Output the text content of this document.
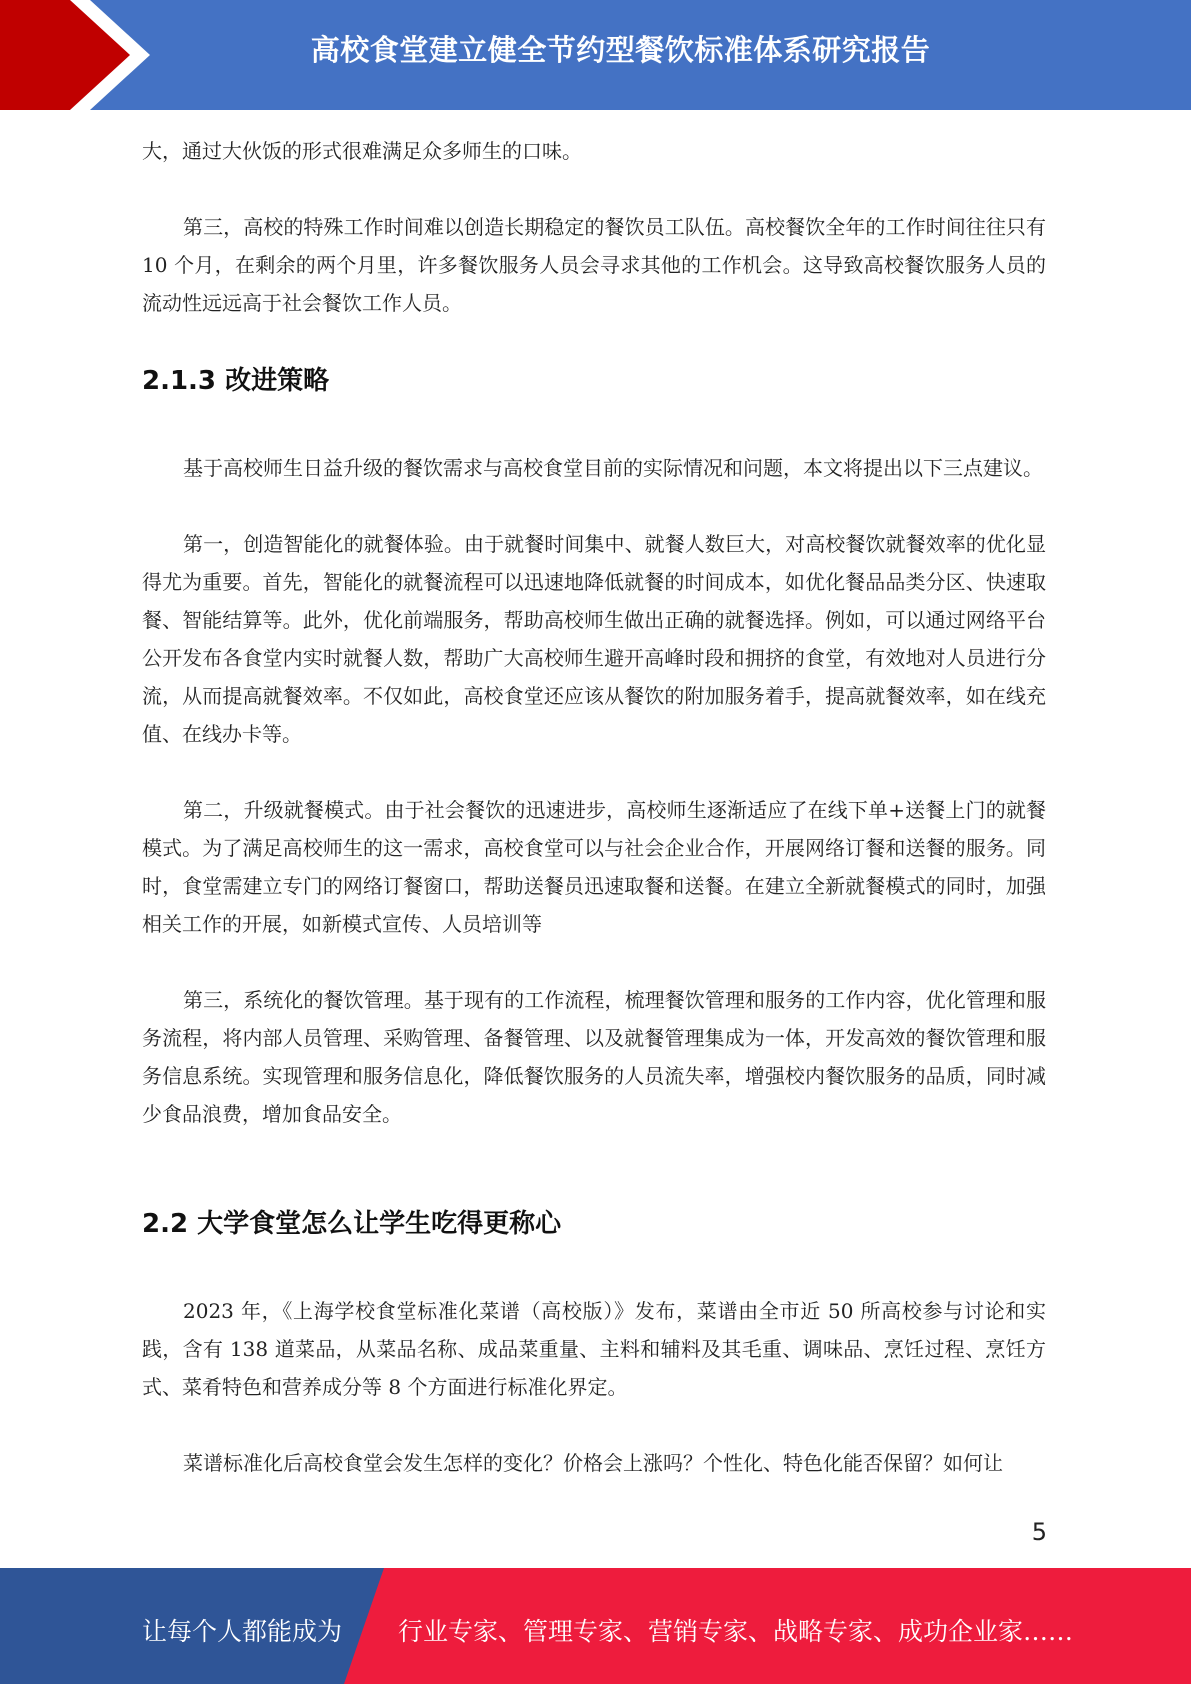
高校食堂建立健全节约型餐饮标准体系研究报告

大，通过大伙饭的形式很难满足众多师生的口味。

第三，高校的特殊工作时间难以创造长期稳定的餐饮员工队伍。高校餐饮全年的工作时间往往只有 10 个月，在剩余的两个月里，许多餐饮服务人员会寻求其他的工作机会。这导致高校餐饮服务人员的流动性远远高于社会餐饮工作人员。

2.1.3 改进策略

基于高校师生日益升级的餐饮需求与高校食堂目前的实际情况和问题，本文将提出以下三点建议。

第一，创造智能化的就餐体验。由于就餐时间集中、就餐人数巨大，对高校餐饮就餐效率的优化显得尤为重要。首先，智能化的就餐流程可以迅速地降低就餐的时间成本，如优化餐品品类分区、快速取餐、智能结算等。此外，优化前端服务，帮助高校师生做出正确的就餐选择。例如，可以通过网络平台公开发布各食堂内实时就餐人数，帮助广大高校师生避开高峰时段和拥挤的食堂，有效地对人员进行分流，从而提高就餐效率。不仅如此，高校食堂还应该从餐饮的附加服务着手，提高就餐效率，如在线充值、在线办卡等。

第二，升级就餐模式。由于社会餐饮的迅速进步，高校师生逐渐适应了在线下单+送餐上门的就餐模式。为了满足高校师生的这一需求，高校食堂可以与社会企业合作，开展网络订餐和送餐的服务。同时，食堂需建立专门的网络订餐窗口，帮助送餐员迅速取餐和送餐。在建立全新就餐模式的同时，加强相关工作的开展，如新模式宣传、人员培训等

第三，系统化的餐饮管理。基于现有的工作流程，梳理餐饮管理和服务的工作内容，优化管理和服务流程，将内部人员管理、采购管理、备餐管理、以及就餐管理集成为一体，开发高效的餐饮管理和服务信息系统。实现管理和服务信息化，降低餐饮服务的人员流失率，增强校内餐饮服务的品质，同时减少食品浪费，增加食品安全。

2.2 大学食堂怎么让学生吃得更称心

2023 年，《上海学校食堂标准化菜谱（高校版）》发布，菜谱由全市近 50 所高校参与讨论和实践，含有 138 道菜品，从菜品名称、成品菜重量、主料和辅料及其毛重、调味品、烹饪过程、烹饪方式、菜肴特色和营养成分等 8 个方面进行标准化界定。

菜谱标准化后高校食堂会发生怎样的变化？价格会上涨吗？个性化、特色化能否保留？如何让

5
让每个人都能成为 行业专家、管理专家、营销专家、战略专家、成功企业家……
